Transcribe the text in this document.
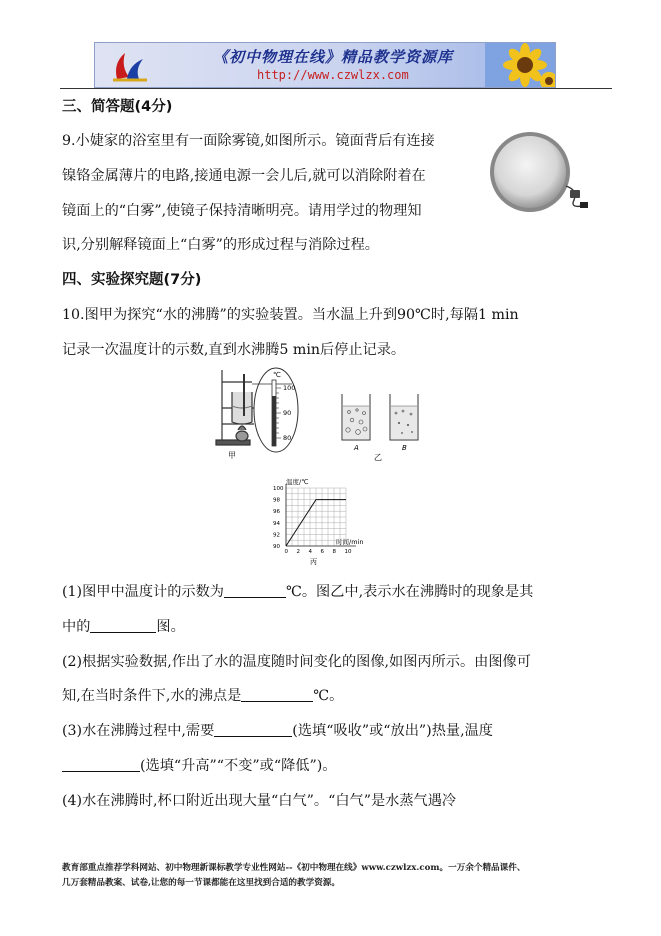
《初中物理在线》精品教学资源库
http://www.czwlzx.com
三、简答题(4分)
9.小婕家的浴室里有一面除雾镜,如图所示。镜面背后有连接
镍铬金属薄片的电路,接通电源一会儿后,就可以消除附着在
镜面上的“白雾”,使镜子保持清晰明亮。请用学过的物理知
识,分别解释镜面上“白雾”的形成过程与消除过程。
四、实验探究题(7分)
10.图甲为探究“水的沸腾”的实验装置。当水温上升到90℃时,每隔1 min
记录一次温度计的示数,直到水沸腾5 min后停止记录。
℃
100
90
80
A	B
甲	乙
温度/℃
时间/min
丙
0 2 4 6 8 10
100
98
96
94
92
90
(1)图甲中温度计的示数为	℃。图乙中,表示水在沸腾时的现象是其
中的	图。
(2)根据实验数据,作出了水的温度随时间变化的图像,如图丙所示。由图像可
知,在当时条件下,水的沸点是	℃。
(3)水在沸腾过程中,需要	(选填“吸收”或“放出”)热量,温度
(选填“升高”“不变”或“降低”)。
(4)水在沸腾时,杯口附近出现大量“白气”。“白气”是水蒸气遇冷
教育部重点推荐学科网站、初中物理新课标教学专业性网站--《初中物理在线》www.czwlzx.com。一万余个精品课件、
几万套精品教案、试卷,让您的每一节课都能在这里找到合适的教学资源。
